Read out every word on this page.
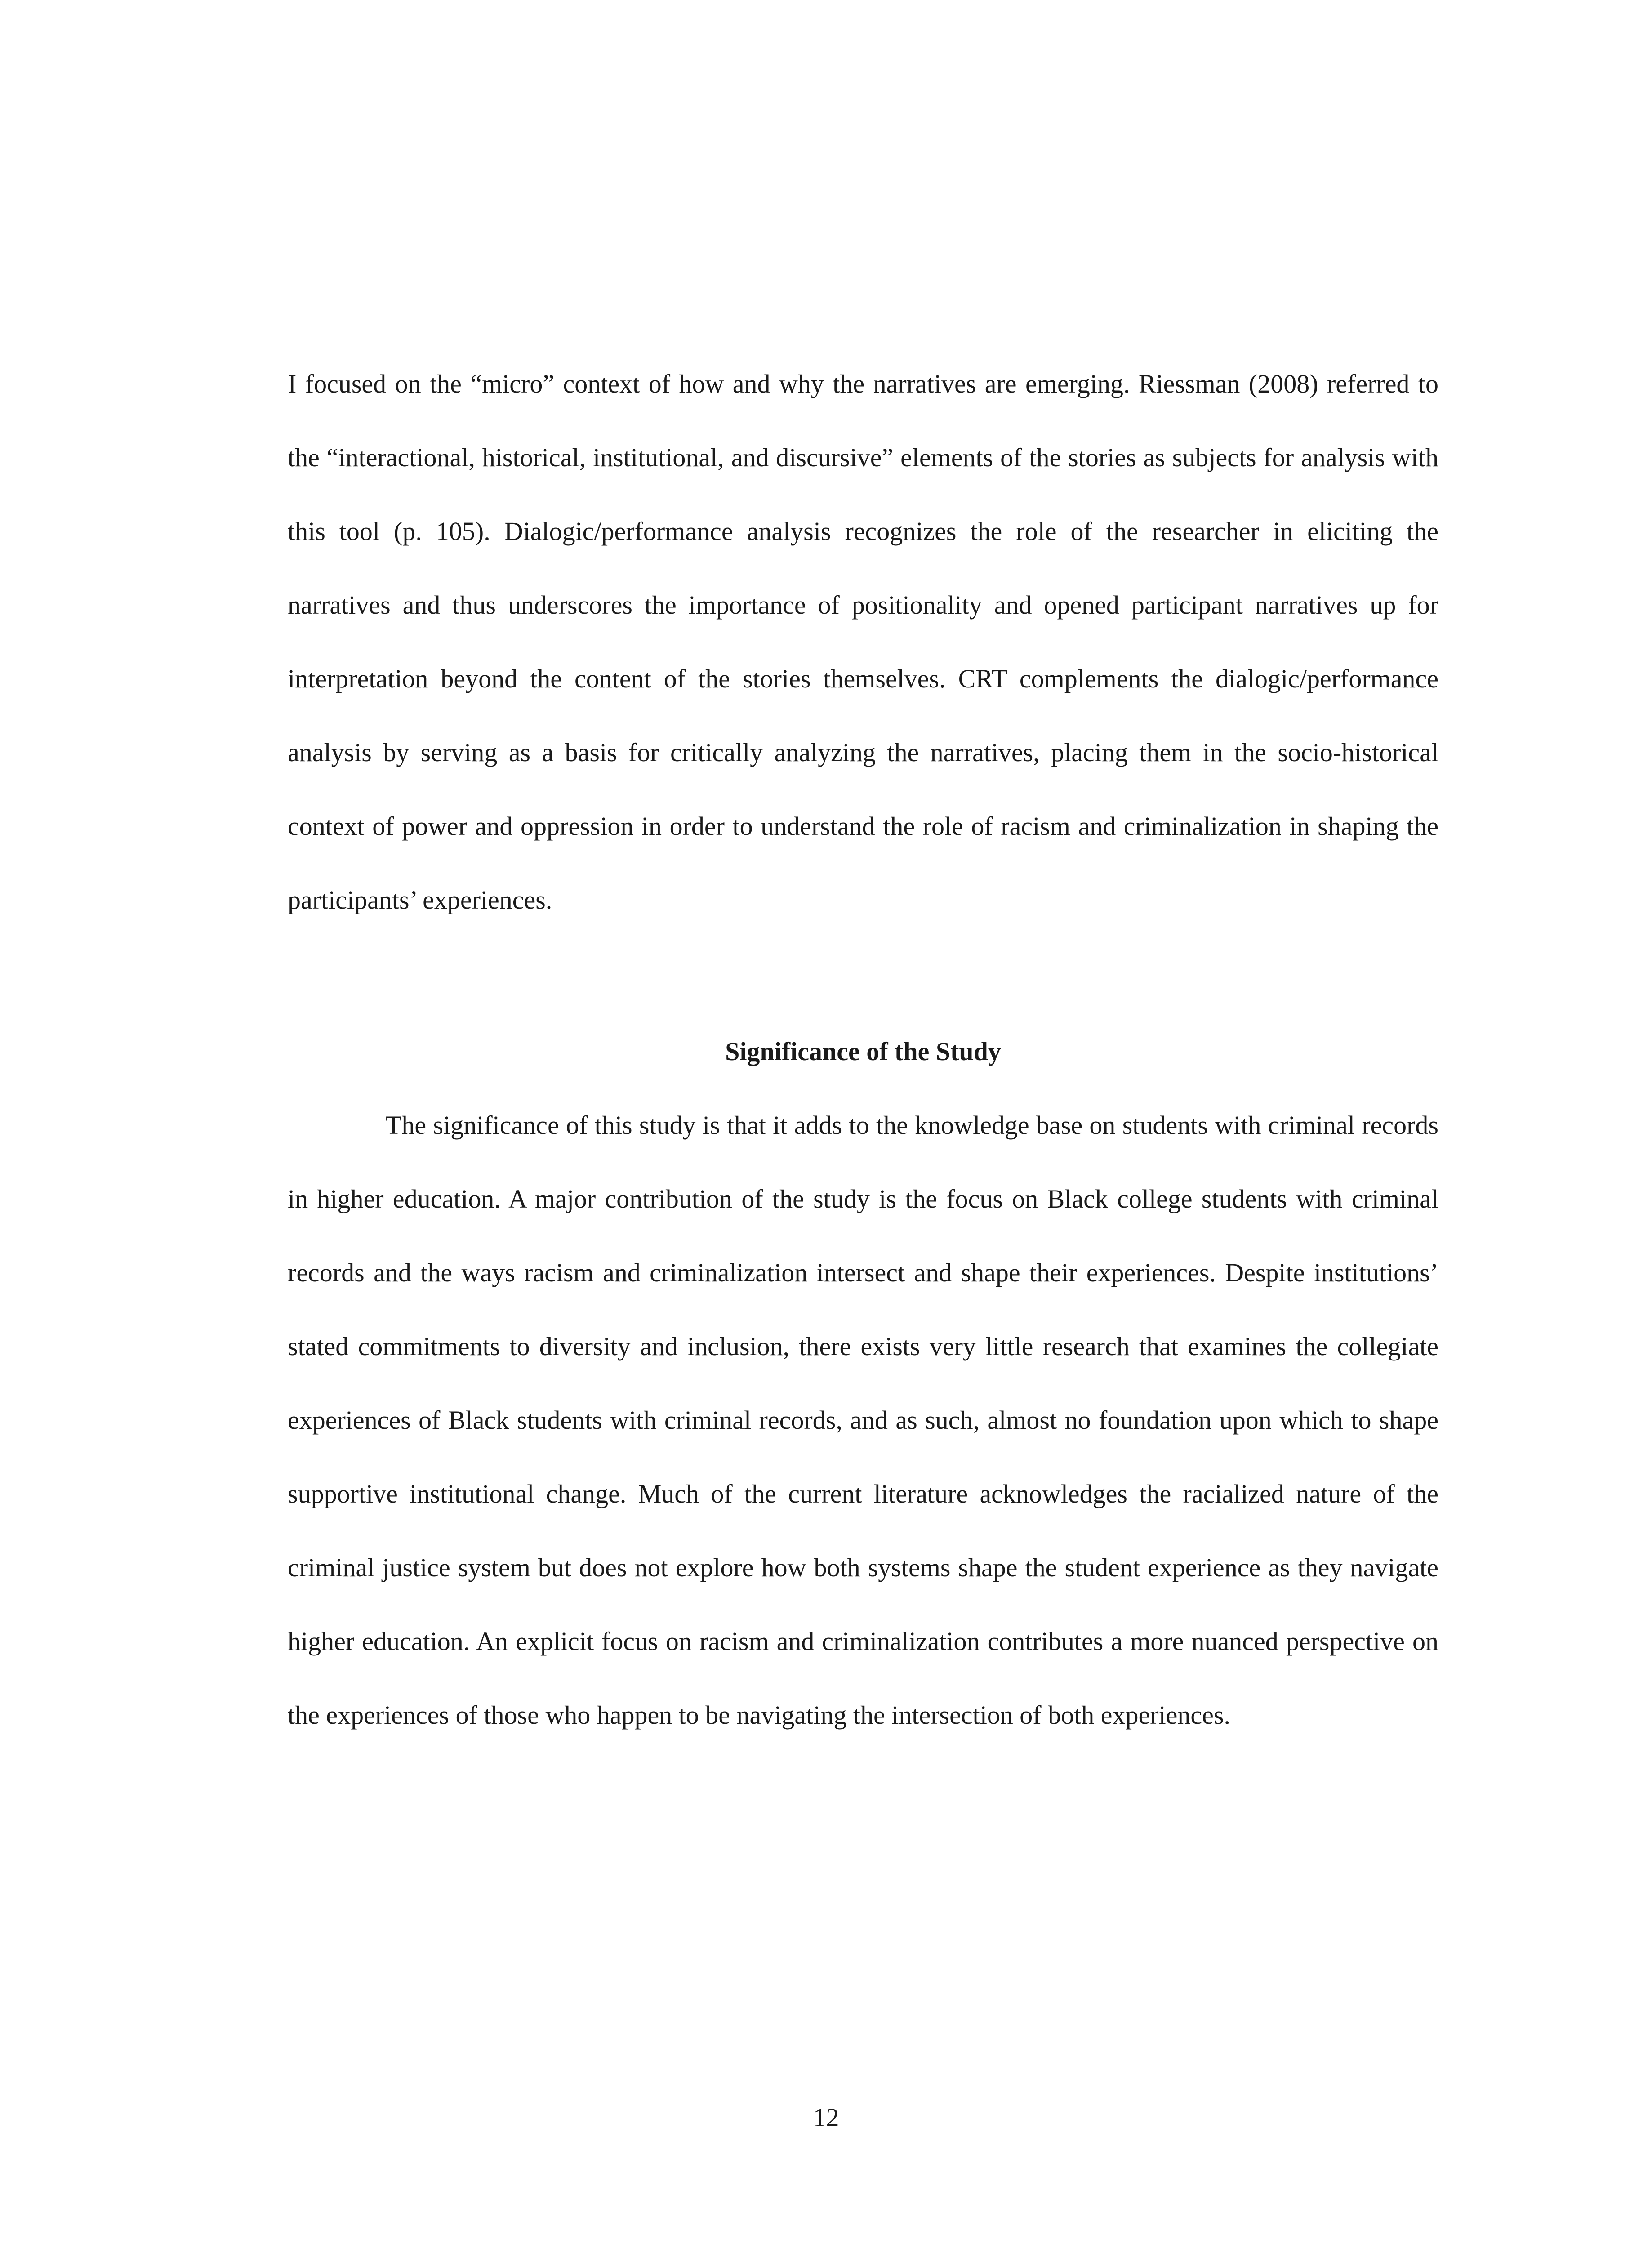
I focused on the “micro” context of how and why the narratives are emerging. Riessman (2008) referred to the “interactional, historical, institutional, and discursive” elements of the stories as subjects for analysis with this tool (p. 105). Dialogic/performance analysis recognizes the role of the researcher in eliciting the narratives and thus underscores the importance of positionality and opened participant narratives up for interpretation beyond the content of the stories themselves. CRT complements the dialogic/performance analysis by serving as a basis for critically analyzing the narratives, placing them in the socio-historical context of power and oppression in order to understand the role of racism and criminalization in shaping the participants’ experiences.

Significance of the Study

The significance of this study is that it adds to the knowledge base on students with criminal records in higher education. A major contribution of the study is the focus on Black college students with criminal records and the ways racism and criminalization intersect and shape their experiences. Despite institutions’ stated commitments to diversity and inclusion, there exists very little research that examines the collegiate experiences of Black students with criminal records, and as such, almost no foundation upon which to shape supportive institutional change. Much of the current literature acknowledges the racialized nature of the criminal justice system but does not explore how both systems shape the student experience as they navigate higher education. An explicit focus on racism and criminalization contributes a more nuanced perspective on the experiences of those who happen to be navigating the intersection of both experiences.

12
